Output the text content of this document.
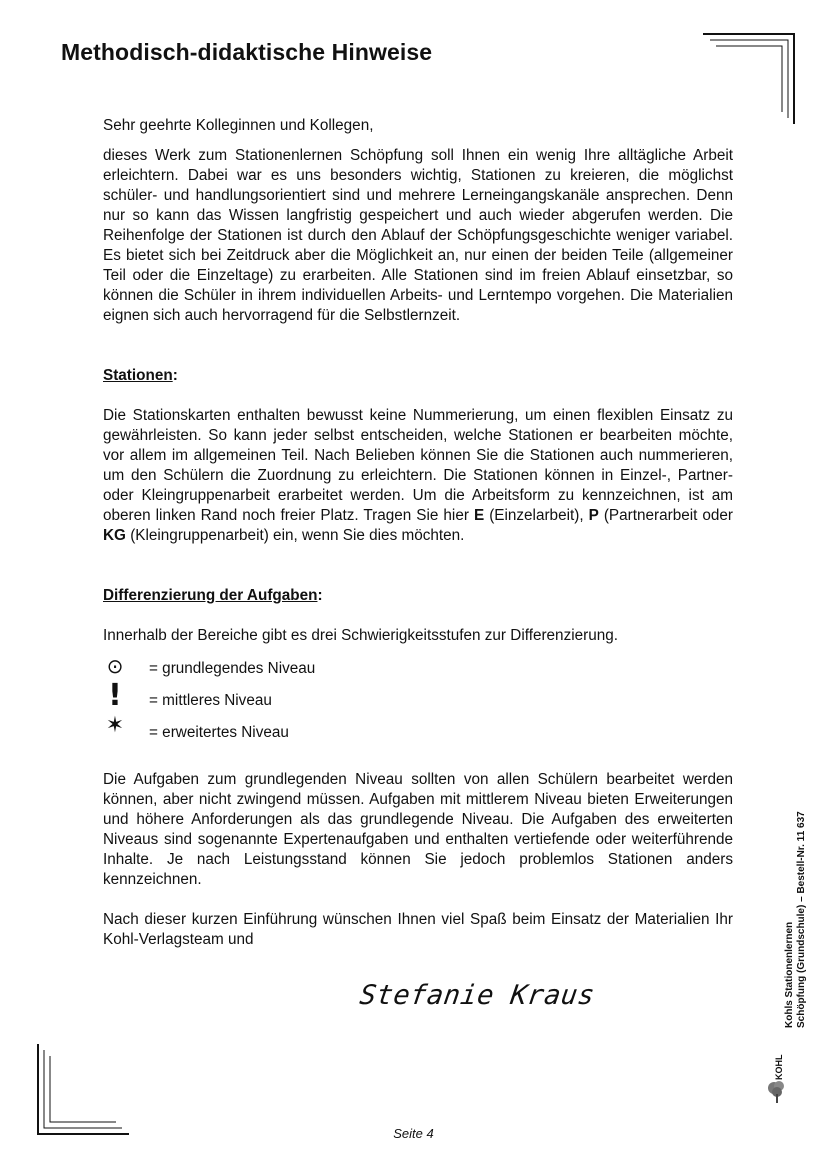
Methodisch-didaktische Hinweise

Sehr geehrte Kolleginnen und Kollegen,

dieses Werk zum Stationenlernen Schöpfung soll Ihnen ein wenig Ihre alltägliche Arbeit erleichtern. Dabei war es uns besonders wichtig, Stationen zu kreieren, die möglichst schüler- und handlungsorientiert sind und mehrere Lerneingangskanäle ansprechen. Denn nur so kann das Wissen langfristig gespeichert und auch wieder abgerufen werden. Die Reihenfolge der Stationen ist durch den Ablauf der Schöpfungsgeschichte weniger variabel. Es bietet sich bei Zeitdruck aber die Möglichkeit an, nur einen der beiden Teile (allgemeiner Teil oder die Einzeltage) zu erarbeiten. Alle Stationen sind im freien Ablauf einsetzbar, so können die Schüler in ihrem individuellen Arbeits- und Lerntempo vorgehen. Die Materialien eignen sich auch hervorragend für die Selbstlernzeit.

Stationen:

Die Stationskarten enthalten bewusst keine Nummerierung, um einen flexiblen Einsatz zu gewährleisten. So kann jeder selbst entscheiden, welche Stationen er bearbeiten möchte, vor allem im allgemeinen Teil. Nach Belieben können Sie die Stationen auch nummerieren, um den Schülern die Zuordnung zu erleichtern. Die Stationen können in Einzel-, Partner- oder Kleingruppenarbeit erarbeitet werden. Um die Arbeitsform zu kennzeichnen, ist am oberen linken Rand noch freier Platz. Tragen Sie hier E (Einzelarbeit), P (Partnerarbeit oder KG (Kleingruppenarbeit) ein, wenn Sie dies möchten.

Differenzierung der Aufgaben:

Innerhalb der Bereiche gibt es drei Schwierigkeitsstufen zur Differenzierung.

⊙ = grundlegendes Niveau
!	= mittleres Niveau
✶ = erweitertes Niveau

Die Aufgaben zum grundlegenden Niveau sollten von allen Schülern bearbeitet werden können, aber nicht zwingend müssen. Aufgaben mit mittlerem Niveau bieten Erweiterungen und höhere Anforderungen als das grundlegende Niveau. Die Aufgaben des erweiterten Niveaus sind sogenannte Expertenaufgaben und enthalten vertiefende oder weiterführende Inhalte. Je nach Leistungsstand können Sie jedoch problemlos Stationen anders kennzeichnen.

Nach dieser kurzen Einführung wünschen Ihnen viel Spaß beim Einsatz der Materialien Ihr Kohl-Verlagsteam und

Stefanie Kraus	Kohls Stationenlernen Schöpfung (Grundschule) – Bestell-Nr. 11 637
KOHL
Seite 4
